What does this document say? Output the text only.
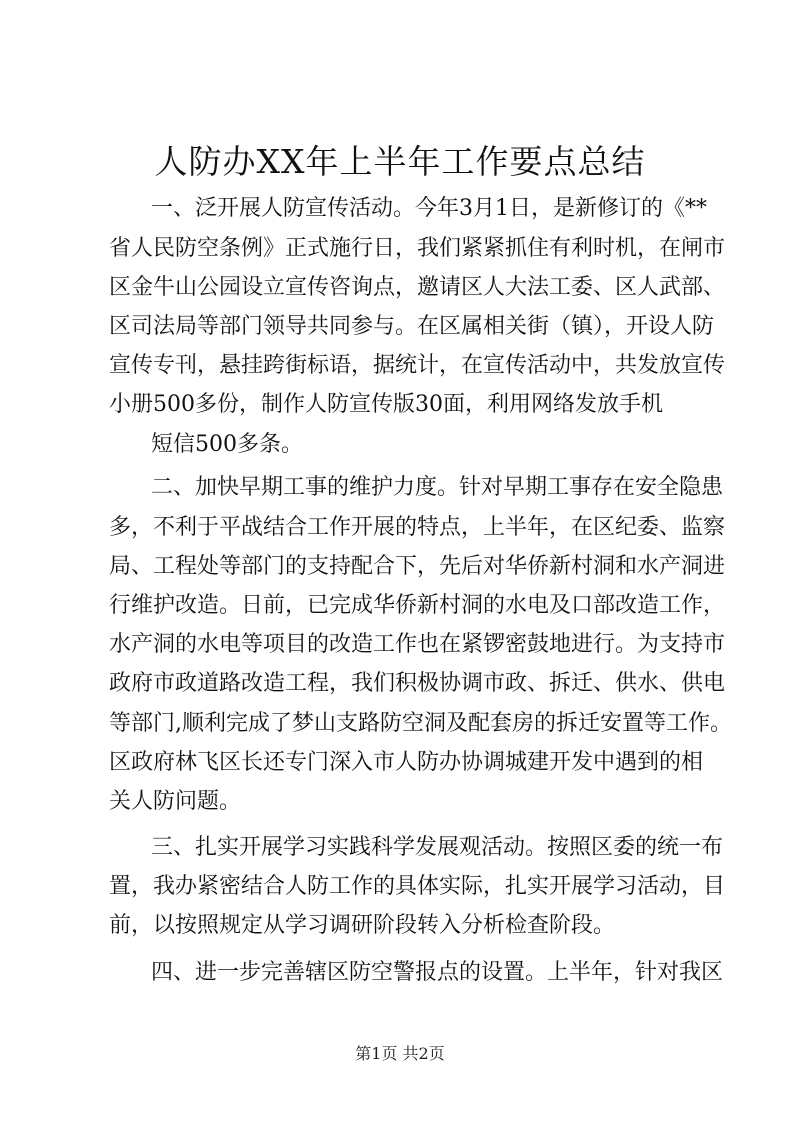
人防办XX年上半年工作要点总结
一、泛开展人防宣传活动。今年3月1日，是新修订的《**
省人民防空条例》正式施行日，我们紧紧抓住有利时机，在闸市
区金牛山公园设立宣传咨询点，邀请区人大法工委、区人武部、
区司法局等部门领导共同参与。在区属相关街（镇），开设人防
宣传专刊，悬挂跨街标语，据统计，在宣传活动中，共发放宣传
小册500多份，制作人防宣传版30面，利用网络发放手机
短信500多条。
二、加快早期工事的维护力度。针对早期工事存在安全隐患
多，不利于平战结合工作开展的特点，上半年，在区纪委、监察
局、工程处等部门的支持配合下，先后对华侨新村洞和水产洞进
行维护改造。日前，已完成华侨新村洞的水电及口部改造工作，
水产洞的水电等项目的改造工作也在紧锣密鼓地进行。为支持市
政府市政道路改造工程，我们积极协调市政、拆迁、供水、供电
等部门,顺利完成了梦山支路防空洞及配套房的拆迁安置等工作。
区政府林飞区长还专门深入市人防办协调城建开发中遇到的相
关人防问题。
三、扎实开展学习实践科学发展观活动。按照区委的统一布
置，我办紧密结合人防工作的具体实际，扎实开展学习活动，目
前，以按照规定从学习调研阶段转入分析检查阶段。
四、进一步完善辖区防空警报点的设置。上半年，针对我区
第1页 共2页
